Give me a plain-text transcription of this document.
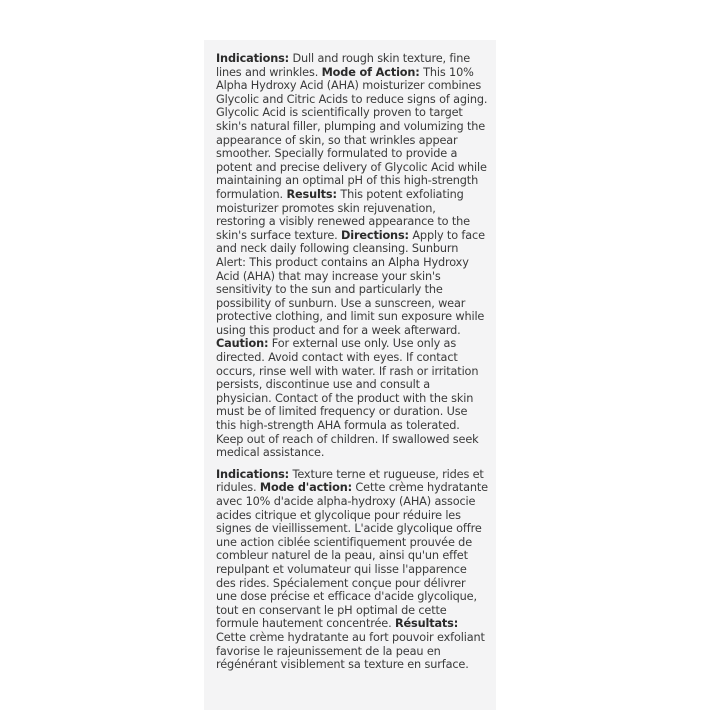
Indications: Dull and rough skin texture, fine lines and wrinkles. Mode of Action: This 10% Alpha Hydroxy Acid (AHA) moisturizer combines Glycolic and Citric Acids to reduce signs of aging. Glycolic Acid is scientifically proven to target skin's natural filler, plumping and volumizing the appearance of skin, so that wrinkles appear smoother. Specially formulated to provide a potent and precise delivery of Glycolic Acid while maintaining an optimal pH of this high-strength formulation. Results: This potent exfoliating moisturizer promotes skin rejuvenation, restoring a visibly renewed appearance to the skin's surface texture. Directions: Apply to face and neck daily following cleansing. Sunburn Alert: This product contains an Alpha Hydroxy Acid (AHA) that may increase your skin's sensitivity to the sun and particularly the possibility of sunburn. Use a sunscreen, wear protective clothing, and limit sun exposure while using this product and for a week afterward. Caution: For external use only. Use only as directed. Avoid contact with eyes. If contact occurs, rinse well with water. If rash or irritation persists, discontinue use and consult a physician. Contact of the product with the skin must be of limited frequency or duration. Use this high-strength AHA formula as tolerated. Keep out of reach of children. If swallowed seek medical assistance.

Indications: Texture terne et rugueuse, rides et ridules. Mode d'action: Cette crème hydratante avec 10% d'acide alpha-hydroxy (AHA) associe acides citrique et glycolique pour réduire les signes de vieillissement. L'acide glycolique offre une action ciblée scientifiquement prouvée de combleur naturel de la peau, ainsi qu'un effet repulpant et volumateur qui lisse l'apparence des rides. Spécialement conçue pour délivrer une dose précise et efficace d'acide glycolique, tout en conservant le pH optimal de cette formule hautement concentrée. Résultats: Cette crème hydratante au fort pouvoir exfoliant favorise le rajeunissement de la peau en régénérant visiblement sa texture en surface.
